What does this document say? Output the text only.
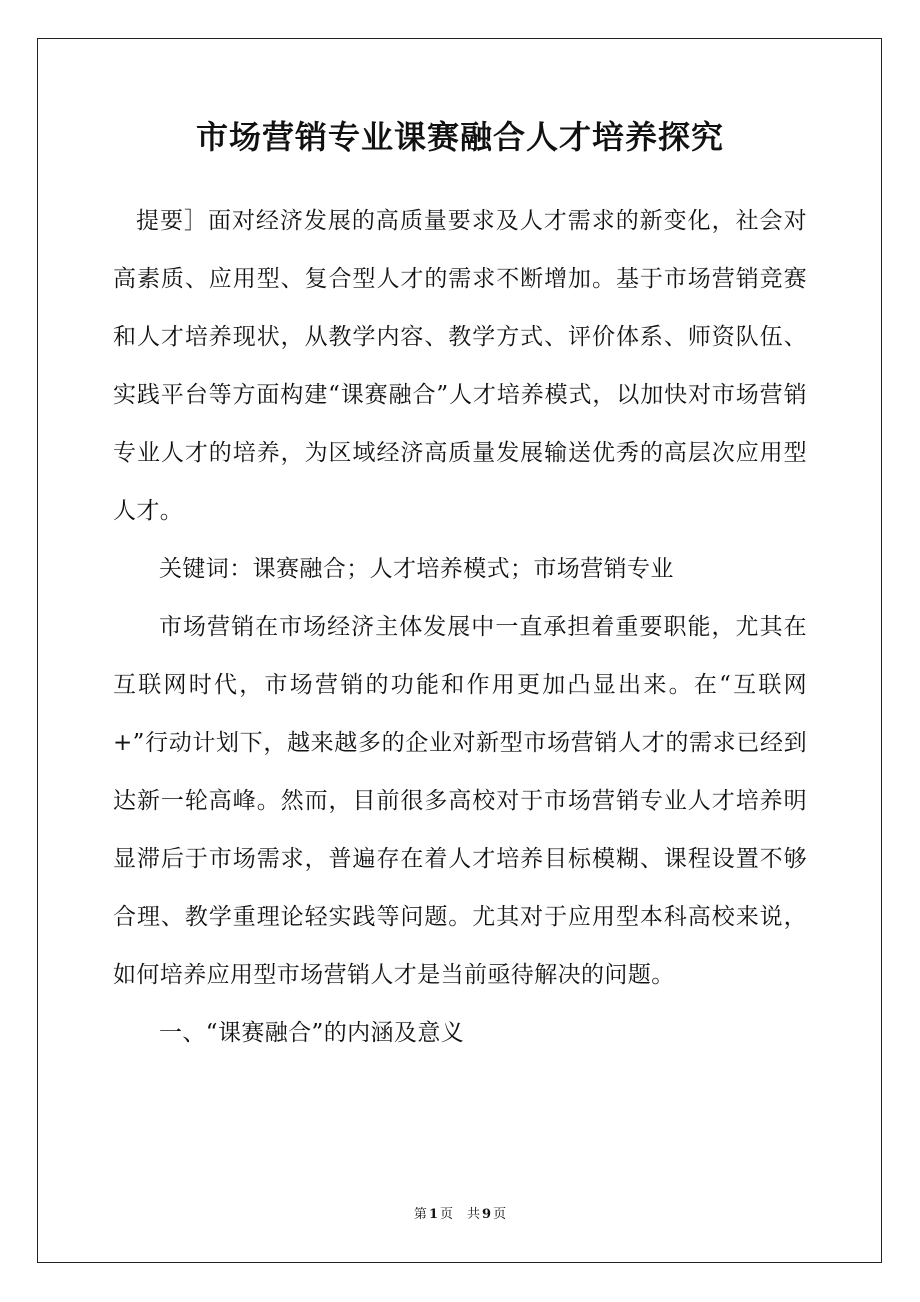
市场营销专业课赛融合人才培养探究

提要］面对经济发展的高质量要求及人才需求的新变化，社会对高素质、应用型、复合型人才的需求不断增加。基于市场营销竞赛和人才培养现状，从教学内容、教学方式、评价体系、师资队伍、实践平台等方面构建“课赛融合”人才培养模式，以加快对市场营销专业人才的培养，为区域经济高质量发展输送优秀的高层次应用型人才。

关键词：课赛融合；人才培养模式；市场营销专业

市场营销在市场经济主体发展中一直承担着重要职能，尤其在互联网时代，市场营销的功能和作用更加凸显出来。在“互联网+”行动计划下，越来越多的企业对新型市场营销人才的需求已经到达新一轮高峰。然而，目前很多高校对于市场营销专业人才培养明显滞后于市场需求，普遍存在着人才培养目标模糊、课程设置不够合理、教学重理论轻实践等问题。尤其对于应用型本科高校来说，如何培养应用型市场营销人才是当前亟待解决的问题。

一、“课赛融合”的内涵及意义

第 1 页 共 9 页
